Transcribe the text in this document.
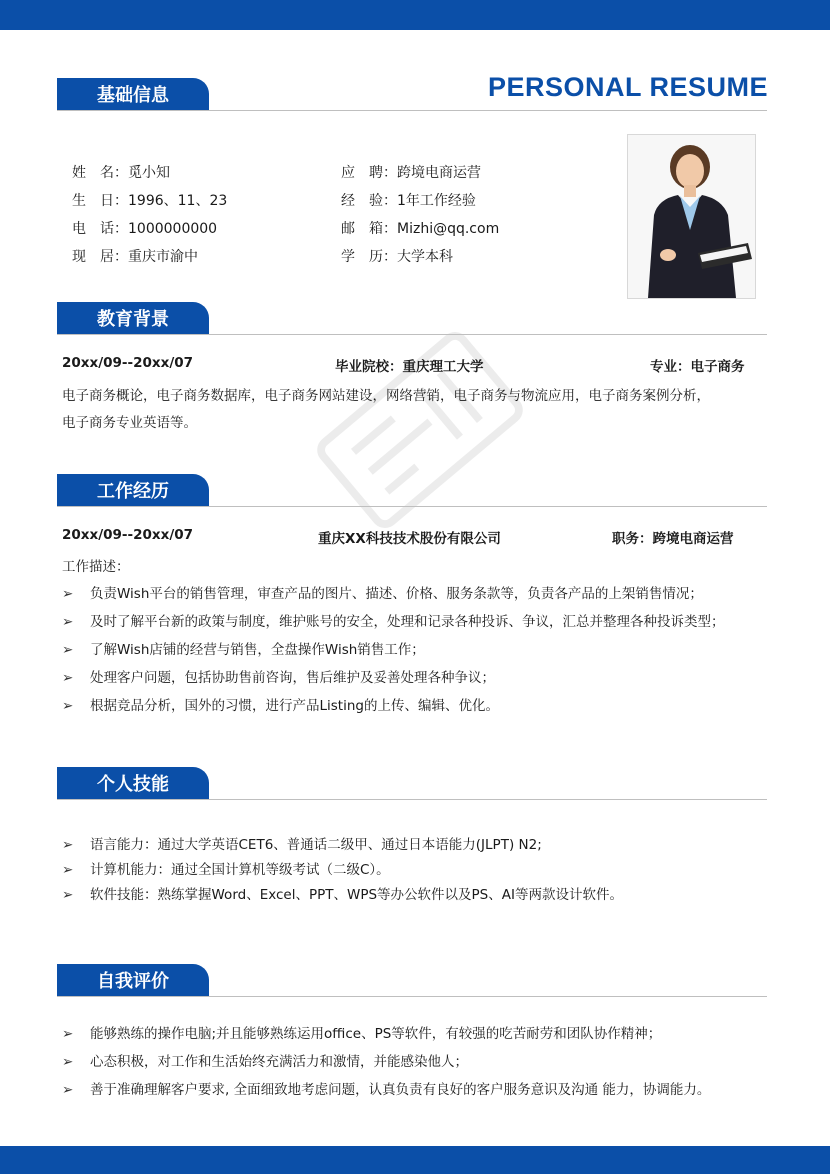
PERSONAL RESUME
基础信息
姓　名：觅小知
生　日：1996、11、23
电　话：1000000000
现　居：重庆市渝中
应　聘：跨境电商运营
经　验：1年工作经验
邮　箱：Mizhi@qq.com
学　历：大学本科
教育背景
20xx/09--20xx/07	毕业院校：重庆理工大学	专业：电子商务
电子商务概论，电子商务数据库，电子商务网站建设，网络营销，电子商务与物流应用，电子商务案例分析，
电子商务专业英语等。
工作经历
20xx/09--20xx/07	重庆XX科技技术股份有限公司	职务：跨境电商运营
工作描述：
➢ 负责Wish平台的销售管理，审查产品的图片、描述、价格、服务条款等，负责各产品的上架销售情况；
➢ 及时了解平台新的政策与制度，维护账号的安全，处理和记录各种投诉、争议，汇总并整理各种投诉类型；
➢ 了解Wish店铺的经营与销售，全盘操作Wish销售工作；
➢ 处理客户问题，包括协助售前咨询，售后维护及妥善处理各种争议；
➢ 根据竞品分析，国外的习惯，进行产品Listing的上传、编辑、优化。
个人技能
➢ 语言能力：通过大学英语CET6、普通话二级甲、通过日本语能力(JLPT) N2;
➢ 计算机能力：通过全国计算机等级考试（二级C）。
➢ 软件技能：熟练掌握Word、Excel、PPT、WPS等办公软件以及PS、AI等两款设计软件。
自我评价
➢ 能够熟练的操作电脑;并且能够熟练运用office、PS等软件，有较强的吃苦耐劳和团队协作精神；
➢ 心态积极，对工作和生活始终充满活力和激情，并能感染他人；
➢ 善于准确理解客户要求, 全面细致地考虑问题，认真负责有良好的客户服务意识及沟通 能力，协调能力。
